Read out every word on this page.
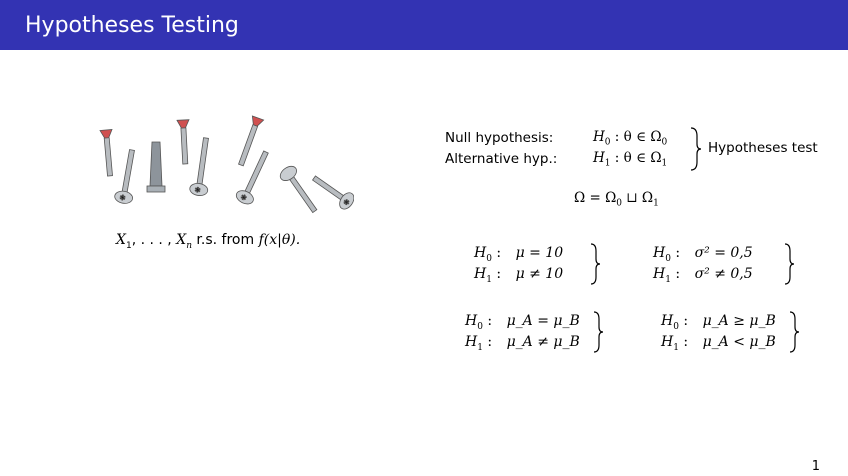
Hypotheses Testing
✱
✱
✱	✱
$X_1$, . . . , $X_n$ r.s. from f(x|θ).
Null hypothesis:
Alternative hyp.:
$H_0$ : θ ∈ $\Omega_0$
$H_1$ : θ ∈ $\Omega_1$
Hypotheses test
$\Omega = \Omega_0$ ⊔ $\Omega_1$
$H_0$ : μ = 10
$H_1$ : μ ≠ 10
$H_0$ : σ² = 0,5
$H_1$ : σ² ≠ 0,5
$H_0$ : μ_A = μ_B
$H_1$ : μ_A ≠ μ_B
$H_0$ : μ_A ≥ μ_B
$H_1$ : μ_A < μ_B
1
